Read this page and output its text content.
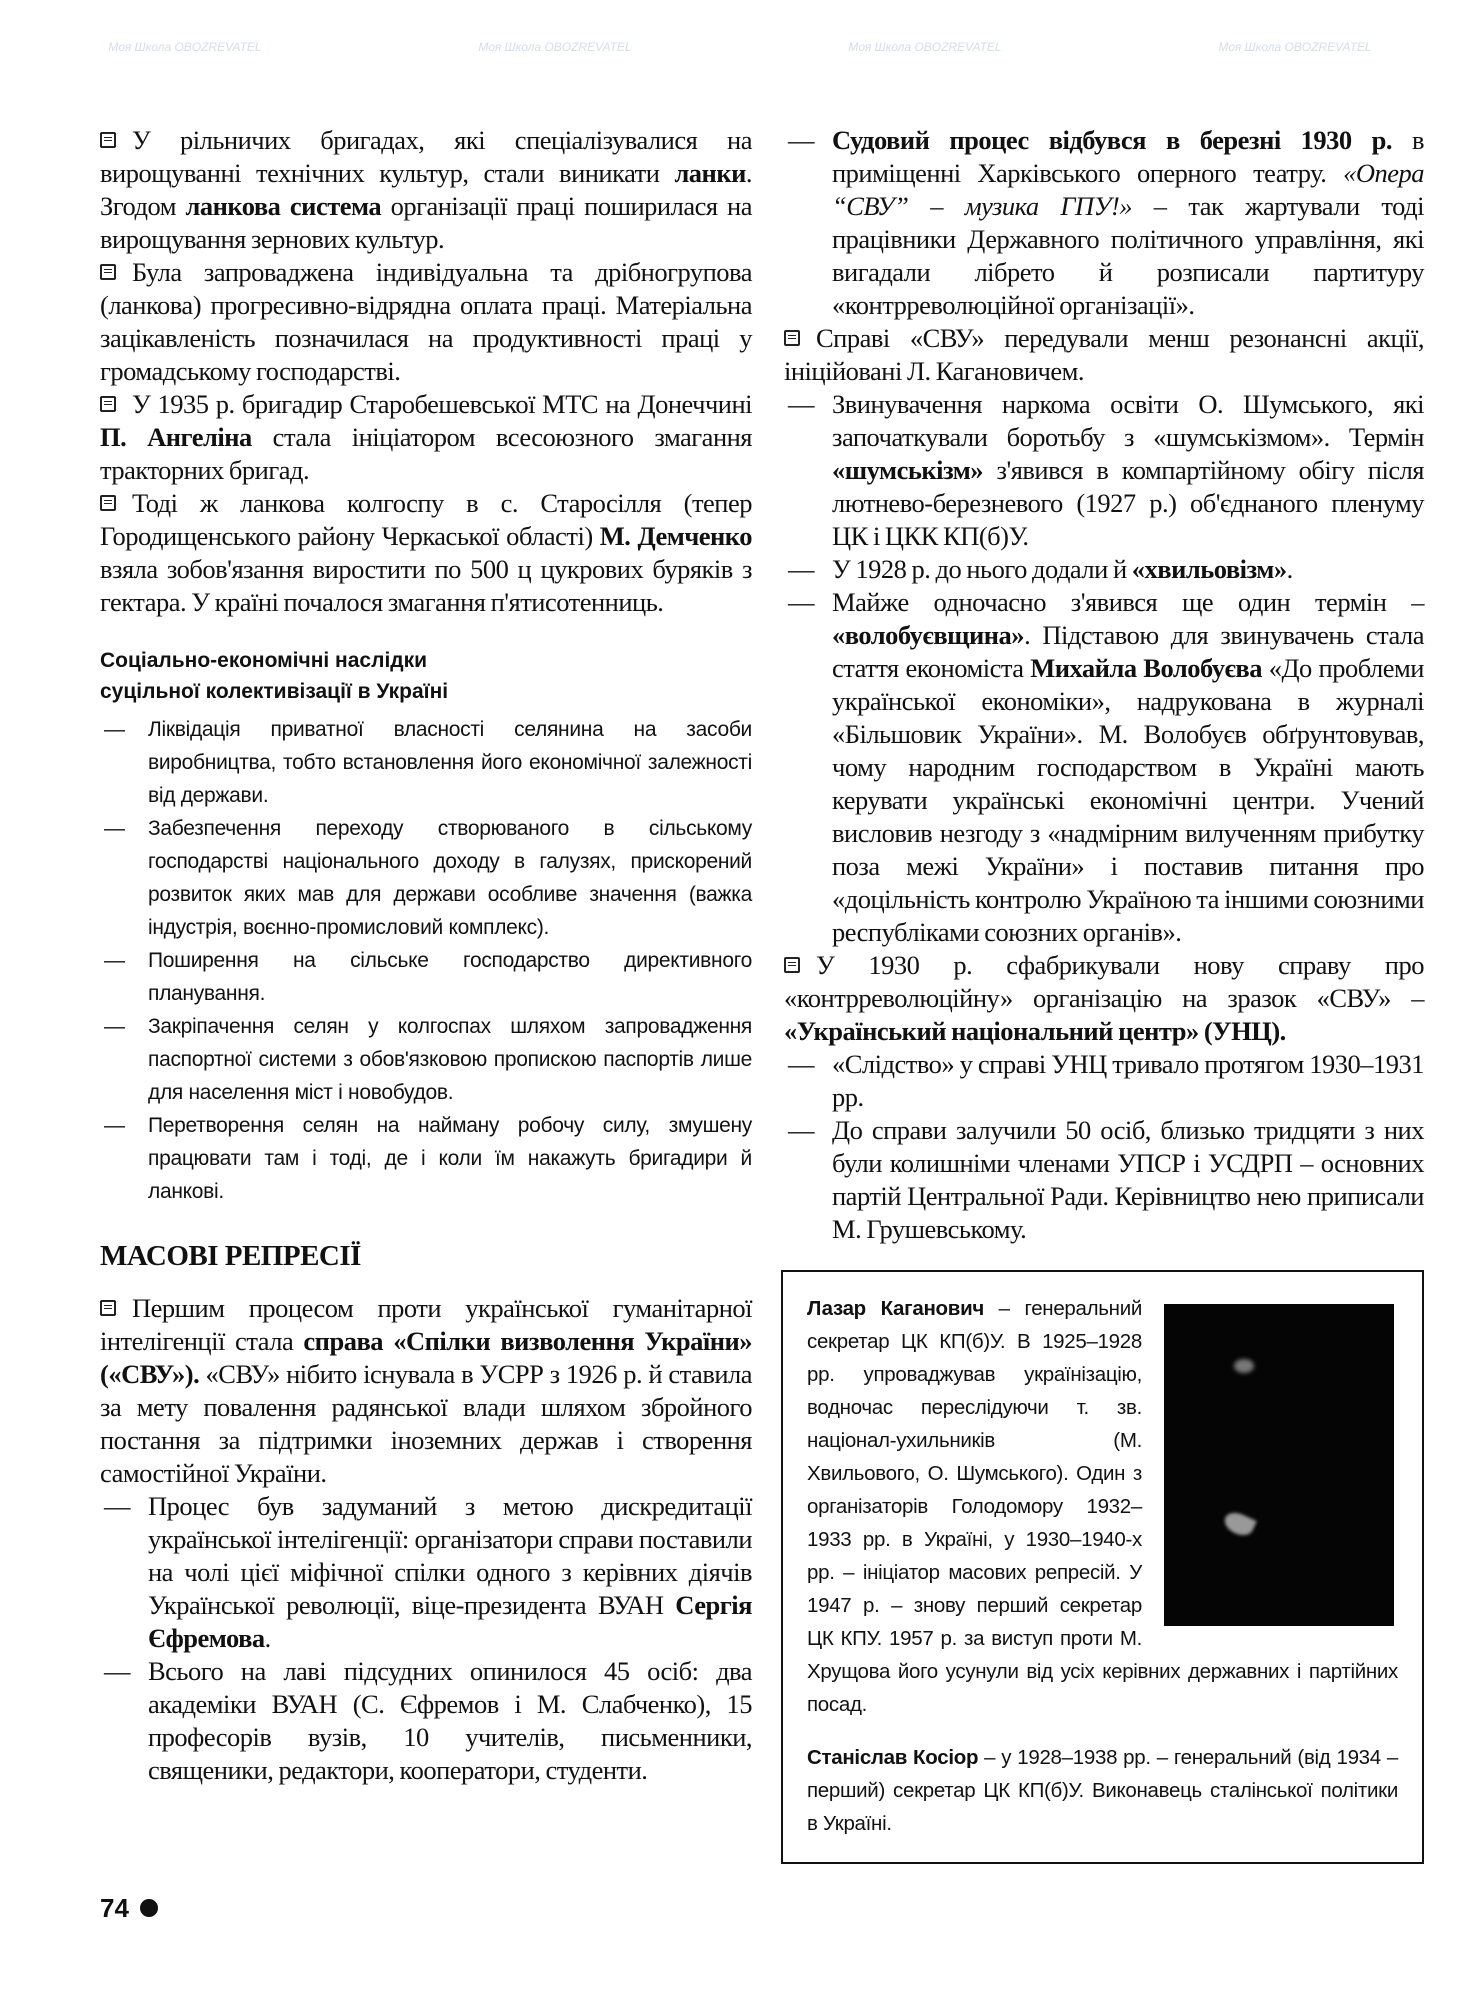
Моя Школа OBOZREVATEL	Моя Школа OBOZREVATEL	Моя Школа OBOZREVATEL	Моя Школа OBOZREVATEL

У рільничих бригадах, які спеціалізувалися на вирощуванні технічних культур, стали виникати ланки. Згодом ланкова система організації праці поширилася на вирощування зернових культур.

Була запроваджена індивідуальна та дрібногрупова (ланкова) прогресивно-відрядна оплата праці. Матеріальна зацікавленість позначилася на продуктивності праці у громадському господарстві.

У 1935 р. бригадир Старобешевської МТС на Донеччині П. Ангеліна стала ініціатором всесоюзного змагання тракторних бригад.

Тоді ж ланкова колгоспу в с. Старосілля (тепер Городищенського району Черкаської області) М. Демченко взяла зобов'язання виростити по 500 ц цукрових буряків з гектара. У країні почалося змагання п'ятисотенниць.

Соціально-економічні наслідки
суцільної колективізації в Україні

— Ліквідація приватної власності селянина на засоби виробництва, тобто встановлення його економічної залежності від держави.

— Забезпечення переходу створюваного в сільському господарстві національного доходу в галузях, прискорений розвиток яких мав для держави особливе значення (важка індустрія, воєнно-промисловий комплекс).

— Поширення на сільське господарство директивного планування.

— Закріпачення селян у колгоспах шляхом запровадження паспортної системи з обов'язковою пропискою паспортів лише для населення міст і новобудов.

— Перетворення селян на найману робочу силу, змушену працювати там і тоді, де і коли їм накажуть бригадири й ланкові.

МАСОВІ РЕПРЕСІЇ

Першим процесом проти української гуманітарної інтелігенції стала справа «Спілки визволення України» («СВУ»). «СВУ» нібито існувала в УСРР з 1926 р. й ставила за мету повалення радянської влади шляхом збройного постання за підтримки іноземних держав і створення самостійної України.

— Процес був задуманий з метою дискредитації української інтелігенції: організатори справи поставили на чолі цієї міфічної спілки одного з керівних діячів Української революції, віце-президента ВУАН Сергія Єфремова.

— Всього на лаві підсудних опинилося 45 осіб: два академіки ВУАН (С. Єфремов і М. Слабченко), 15 професорів вузів, 10 учителів, письменники, священики, редактори, кооператори, студенти.

74

— Судовий процес відбувся в березні 1930 р. в приміщенні Харківського оперного театру. «Опера “СВУ” – музика ГПУ!» – так жартували тоді працівники Державного політичного управління, які вигадали лібрето й розписали партитуру «контрреволюційної організації».

Справі «СВУ» передували менш резонансні акції, ініційовані Л. Кагановичем.

— Звинувачення наркома освіти О. Шумського, які започаткували боротьбу з «шумськізмом». Термін «шумськізм» з'явився в компартійному обігу після лютнево-березневого (1927 р.) об'єднаного пленуму ЦК і ЦКК КП(б)У.

— У 1928 р. до нього додали й «хвильовізм».

— Майже одночасно з'явився ще один термін – «волобуєвщина». Підставою для звинувачень стала стаття економіста Михайла Волобуєва «До проблеми української економіки», надрукована в журналі «Більшовик України». М. Волобуєв обґрунтовував, чому народним господарством в Україні мають керувати українські економічні центри. Учений висловив незгоду з «надмірним вилученням прибутку поза межі України» і поставив питання про «доцільність контролю Україною та іншими союзними республіками союзних органів».

У 1930 р. сфабрикували нову справу про «контрреволюційну» організацію на зразок «СВУ» – «Український національний центр» (УНЦ).

— «Слідство» у справі УНЦ тривало протягом 1930–1931 рр.

— До справи залучили 50 осіб, близько тридцяти з них були колишніми членами УПСР і УСДРП – основних партій Центральної Ради. Керівництво нею приписали М. Грушевському.

Лазар Каганович – генеральний секретар ЦК КП(б)У. В 1925–1928 рр. упроваджував українізацію, водночас переслідуючи т. зв. націонал-ухильників (М. Хвильового, О. Шумського). Один з організаторів Голодомору 1932–1933 рр. в Україні, у 1930–1940-х рр. – ініціатор масових репресій. У 1947 р. – знову перший секретар ЦК КПУ. 1957 р. за виступ проти М. Хрущова його усунули від усіх керівних державних і партійних посад.

Станіслав Косіор – у 1928–1938 рр. – генеральний (від 1934 – перший) секретар ЦК КП(б)У. Виконавець сталінської політики в Україні.
